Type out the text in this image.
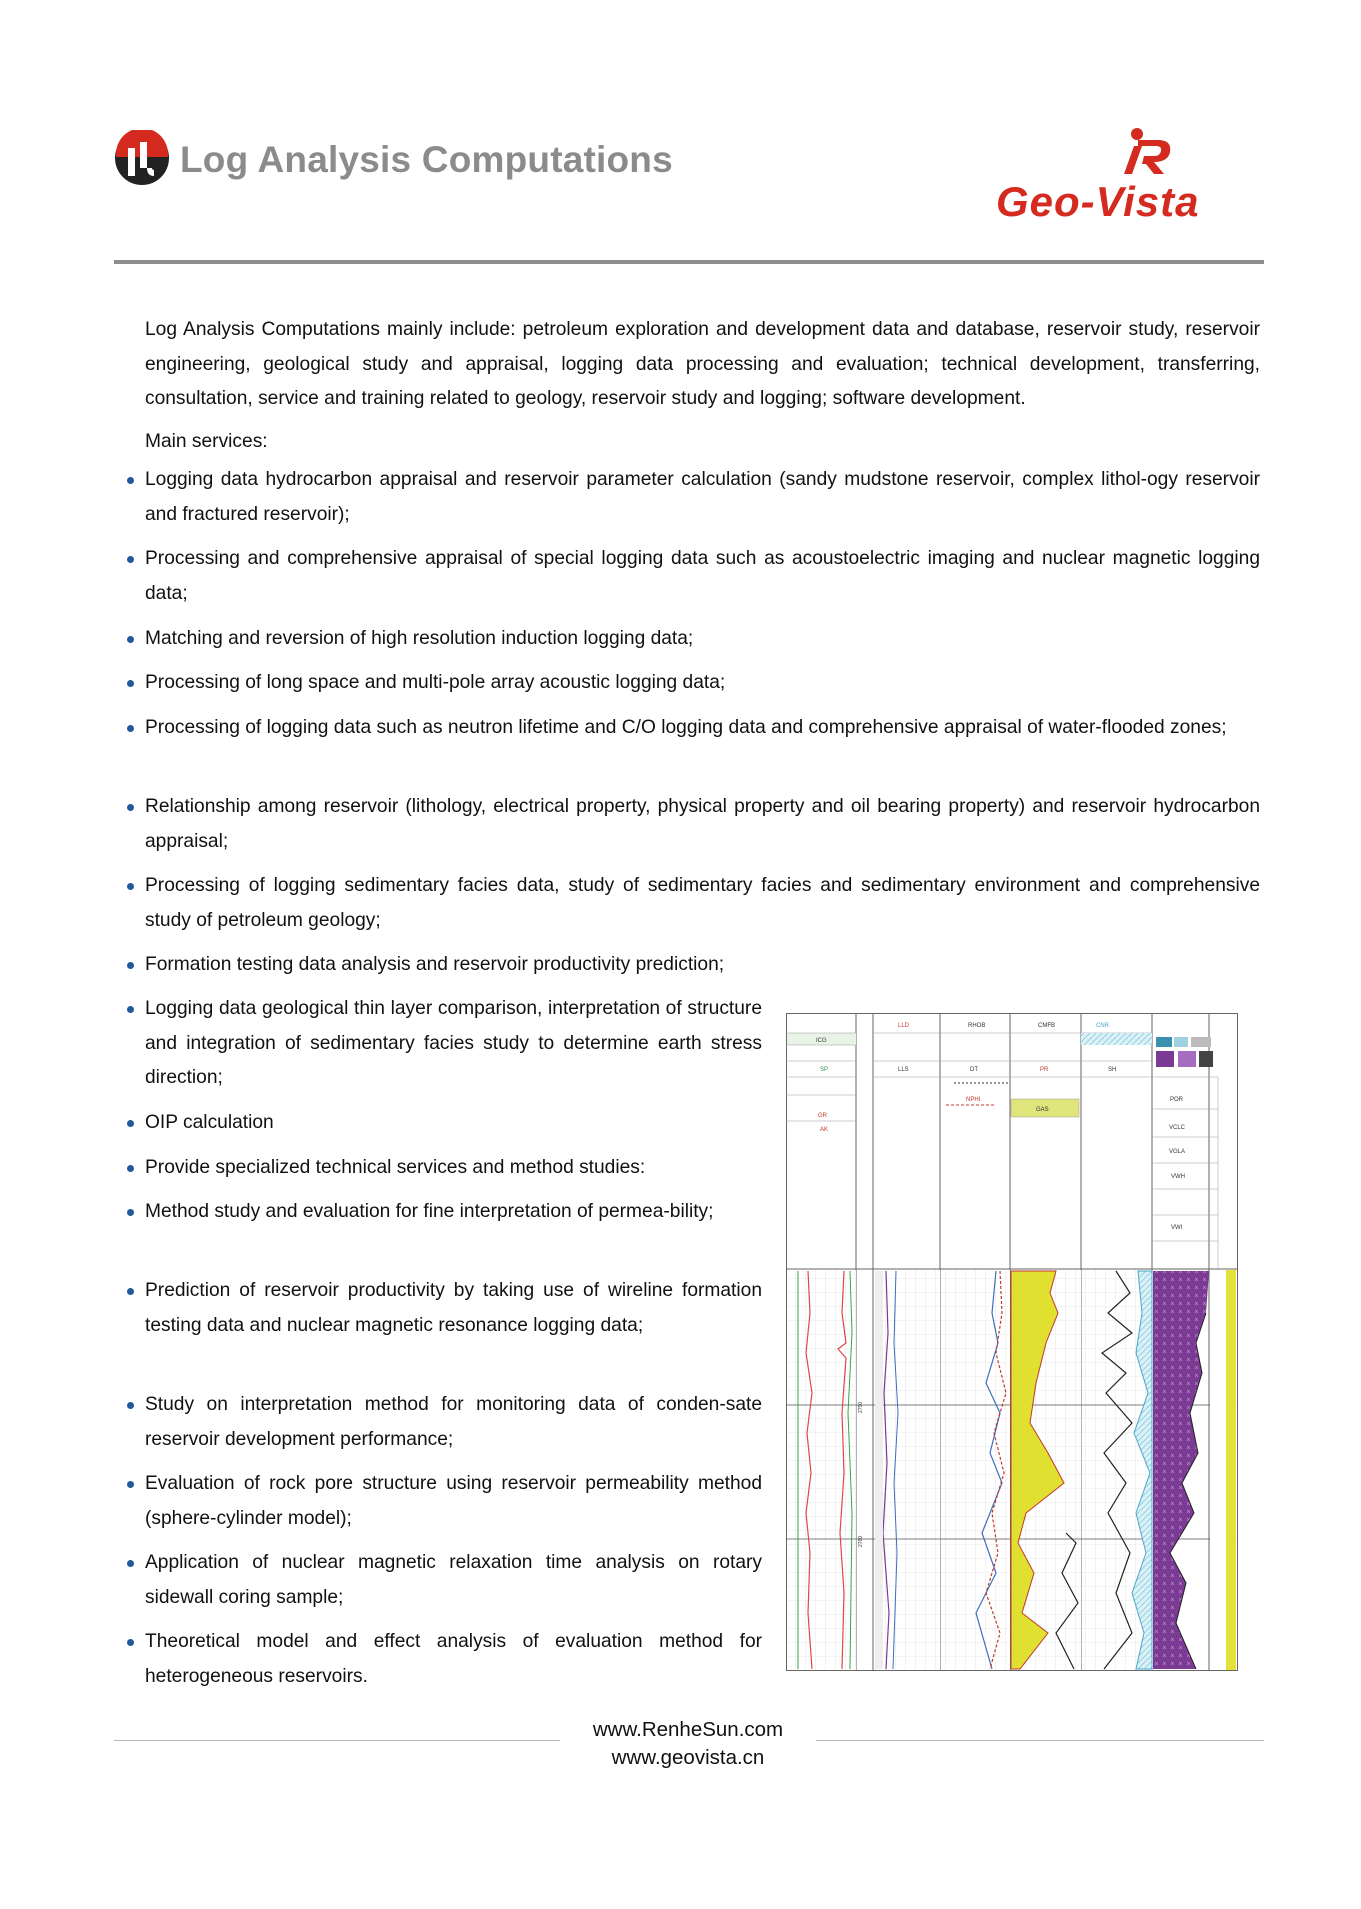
Log Analysis Computations
Geo-Vista
Log Analysis Computations mainly include: petroleum exploration and development data and database, reservoir study, reservoir engineering, geological study and appraisal, logging data processing and evaluation; technical development, transferring, consultation, service and training related to geology, reservoir study and logging; software development.
Main services:
Logging data hydrocarbon appraisal and reservoir parameter calculation (sandy mudstone reservoir, complex lithol-ogy reservoir and fractured reservoir);
Processing and comprehensive appraisal of special logging data such as acoustoelectric imaging and nuclear magnetic logging data;
Matching and reversion of high resolution induction logging data;
Processing of long space and multi-pole array acoustic logging data;
Processing of logging data such as neutron lifetime and C/O logging data and comprehensive appraisal of water-flooded zones;
Relationship among reservoir (lithology, electrical property, physical property and oil bearing property) and reservoir hydrocarbon appraisal;
Processing of logging sedimentary facies data, study of sedimentary facies and sedimentary environment and comprehensive study of petroleum geology;
Formation testing data analysis and reservoir productivity prediction;
Logging data geological thin layer comparison, interpretation of structure and integration of sedimentary facies study to determine earth stress direction;
OIP calculation
Provide specialized technical services and method studies:
Method study and evaluation for fine interpretation of permea-bility;
Prediction of reservoir productivity by taking use of wireline formation testing data and nuclear magnetic resonance logging data;
Study on interpretation method for monitoring data of conden-sate reservoir development performance;
Evaluation of rock pore structure using reservoir permeability method (sphere-cylinder model);
Application of nuclear magnetic relaxation time analysis on rotary sidewall coring sample;
Theoretical model and effect analysis of evaluation method for heterogeneous reservoirs.
ICG
LLD	RHOB	CMFB	CNR
LLS	DT
GR
SP
AK
GAS
NPHI
PR	SH
POR
VCLC
VGLA
VWH
VWI
2750
2760
www.RenheSun.com
www.geovista.cn
